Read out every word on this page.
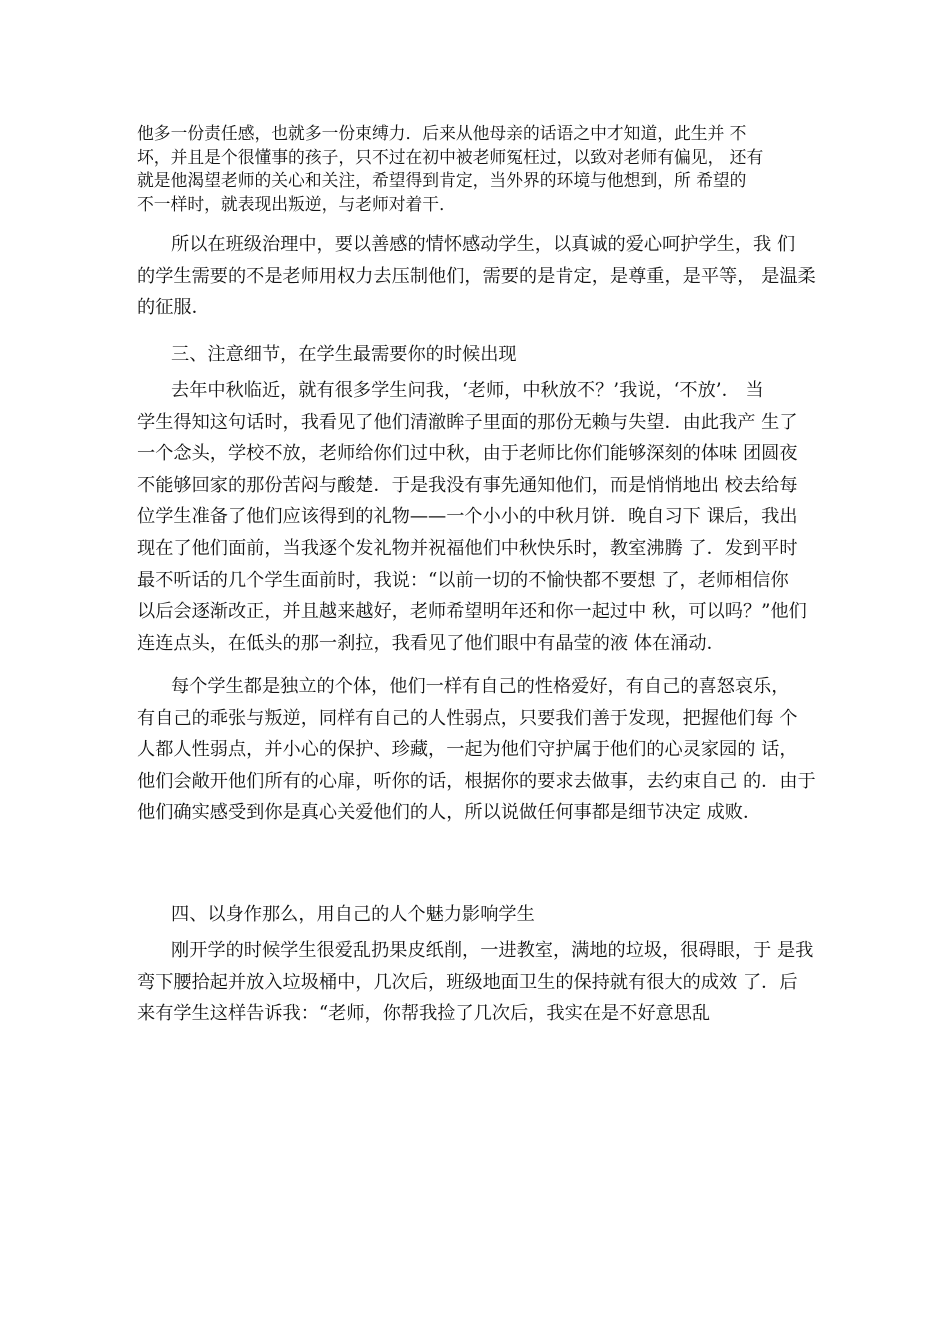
他多一份责任感，也就多一份束缚力．后来从他母亲的话语之中才知道，此生并 不
坏，并且是个很懂事的孩子，只不过在初中被老师冤枉过，以致对老师有偏见， 还有
就是他渴望老师的关心和关注，希望得到肯定，当外界的环境与他想到，所 希望的
不一样时，就表现出叛逆，与老师对着干．
所以在班级治理中，要以善感的情怀感动学生，以真诚的爱心呵护学生，我 们
的学生需要的不是老师用权力去压制他们，需要的是肯定，是尊重，是平等， 是温柔
的征服．
三、注意细节，在学生最需要你的时候出现
去年中秋临近，就有很多学生问我，‘老师，中秋放不？’我说，‘不放’． 当
学生得知这句话时，我看见了他们清澈眸子里面的那份无赖与失望．由此我产 生了
一个念头，学校不放，老师给你们过中秋，由于老师比你们能够深刻的体味 团圆夜
不能够回家的那份苦闷与酸楚．于是我没有事先通知他们，而是悄悄地出 校去给每
位学生准备了他们应该得到的礼物——一个小小的中秋月饼．晚自习下 课后，我出
现在了他们面前，当我逐个发礼物并祝福他们中秋快乐时，教室沸腾 了．发到平时
最不听话的几个学生面前时，我说：“以前一切的不愉快都不要想 了，老师相信你
以后会逐渐改正，并且越来越好，老师希望明年还和你一起过中 秋，可以吗？”他们
连连点头，在低头的那一刹拉，我看见了他们眼中有晶莹的液 体在涌动．
每个学生都是独立的个体，他们一样有自己的性格爱好，有自己的喜怒哀乐，
有自己的乖张与叛逆，同样有自己的人性弱点，只要我们善于发现，把握他们每 个
人都人性弱点，并小心的保护、珍藏，一起为他们守护属于他们的心灵家园的 话，
他们会敞开他们所有的心扉，听你的话，根据你的要求去做事，去约束自己 的．由于
他们确实感受到你是真心关爱他们的人，所以说做任何事都是细节决定 成败．
四、以身作那么，用自己的人个魅力影响学生
刚开学的时候学生很爱乱扔果皮纸削，一进教室，满地的垃圾，很碍眼，于 是我
弯下腰拾起并放入垃圾桶中，几次后，班级地面卫生的保持就有很大的成效 了．后
来有学生这样告诉我：“老师，你帮我捡了几次后，我实在是不好意思乱
